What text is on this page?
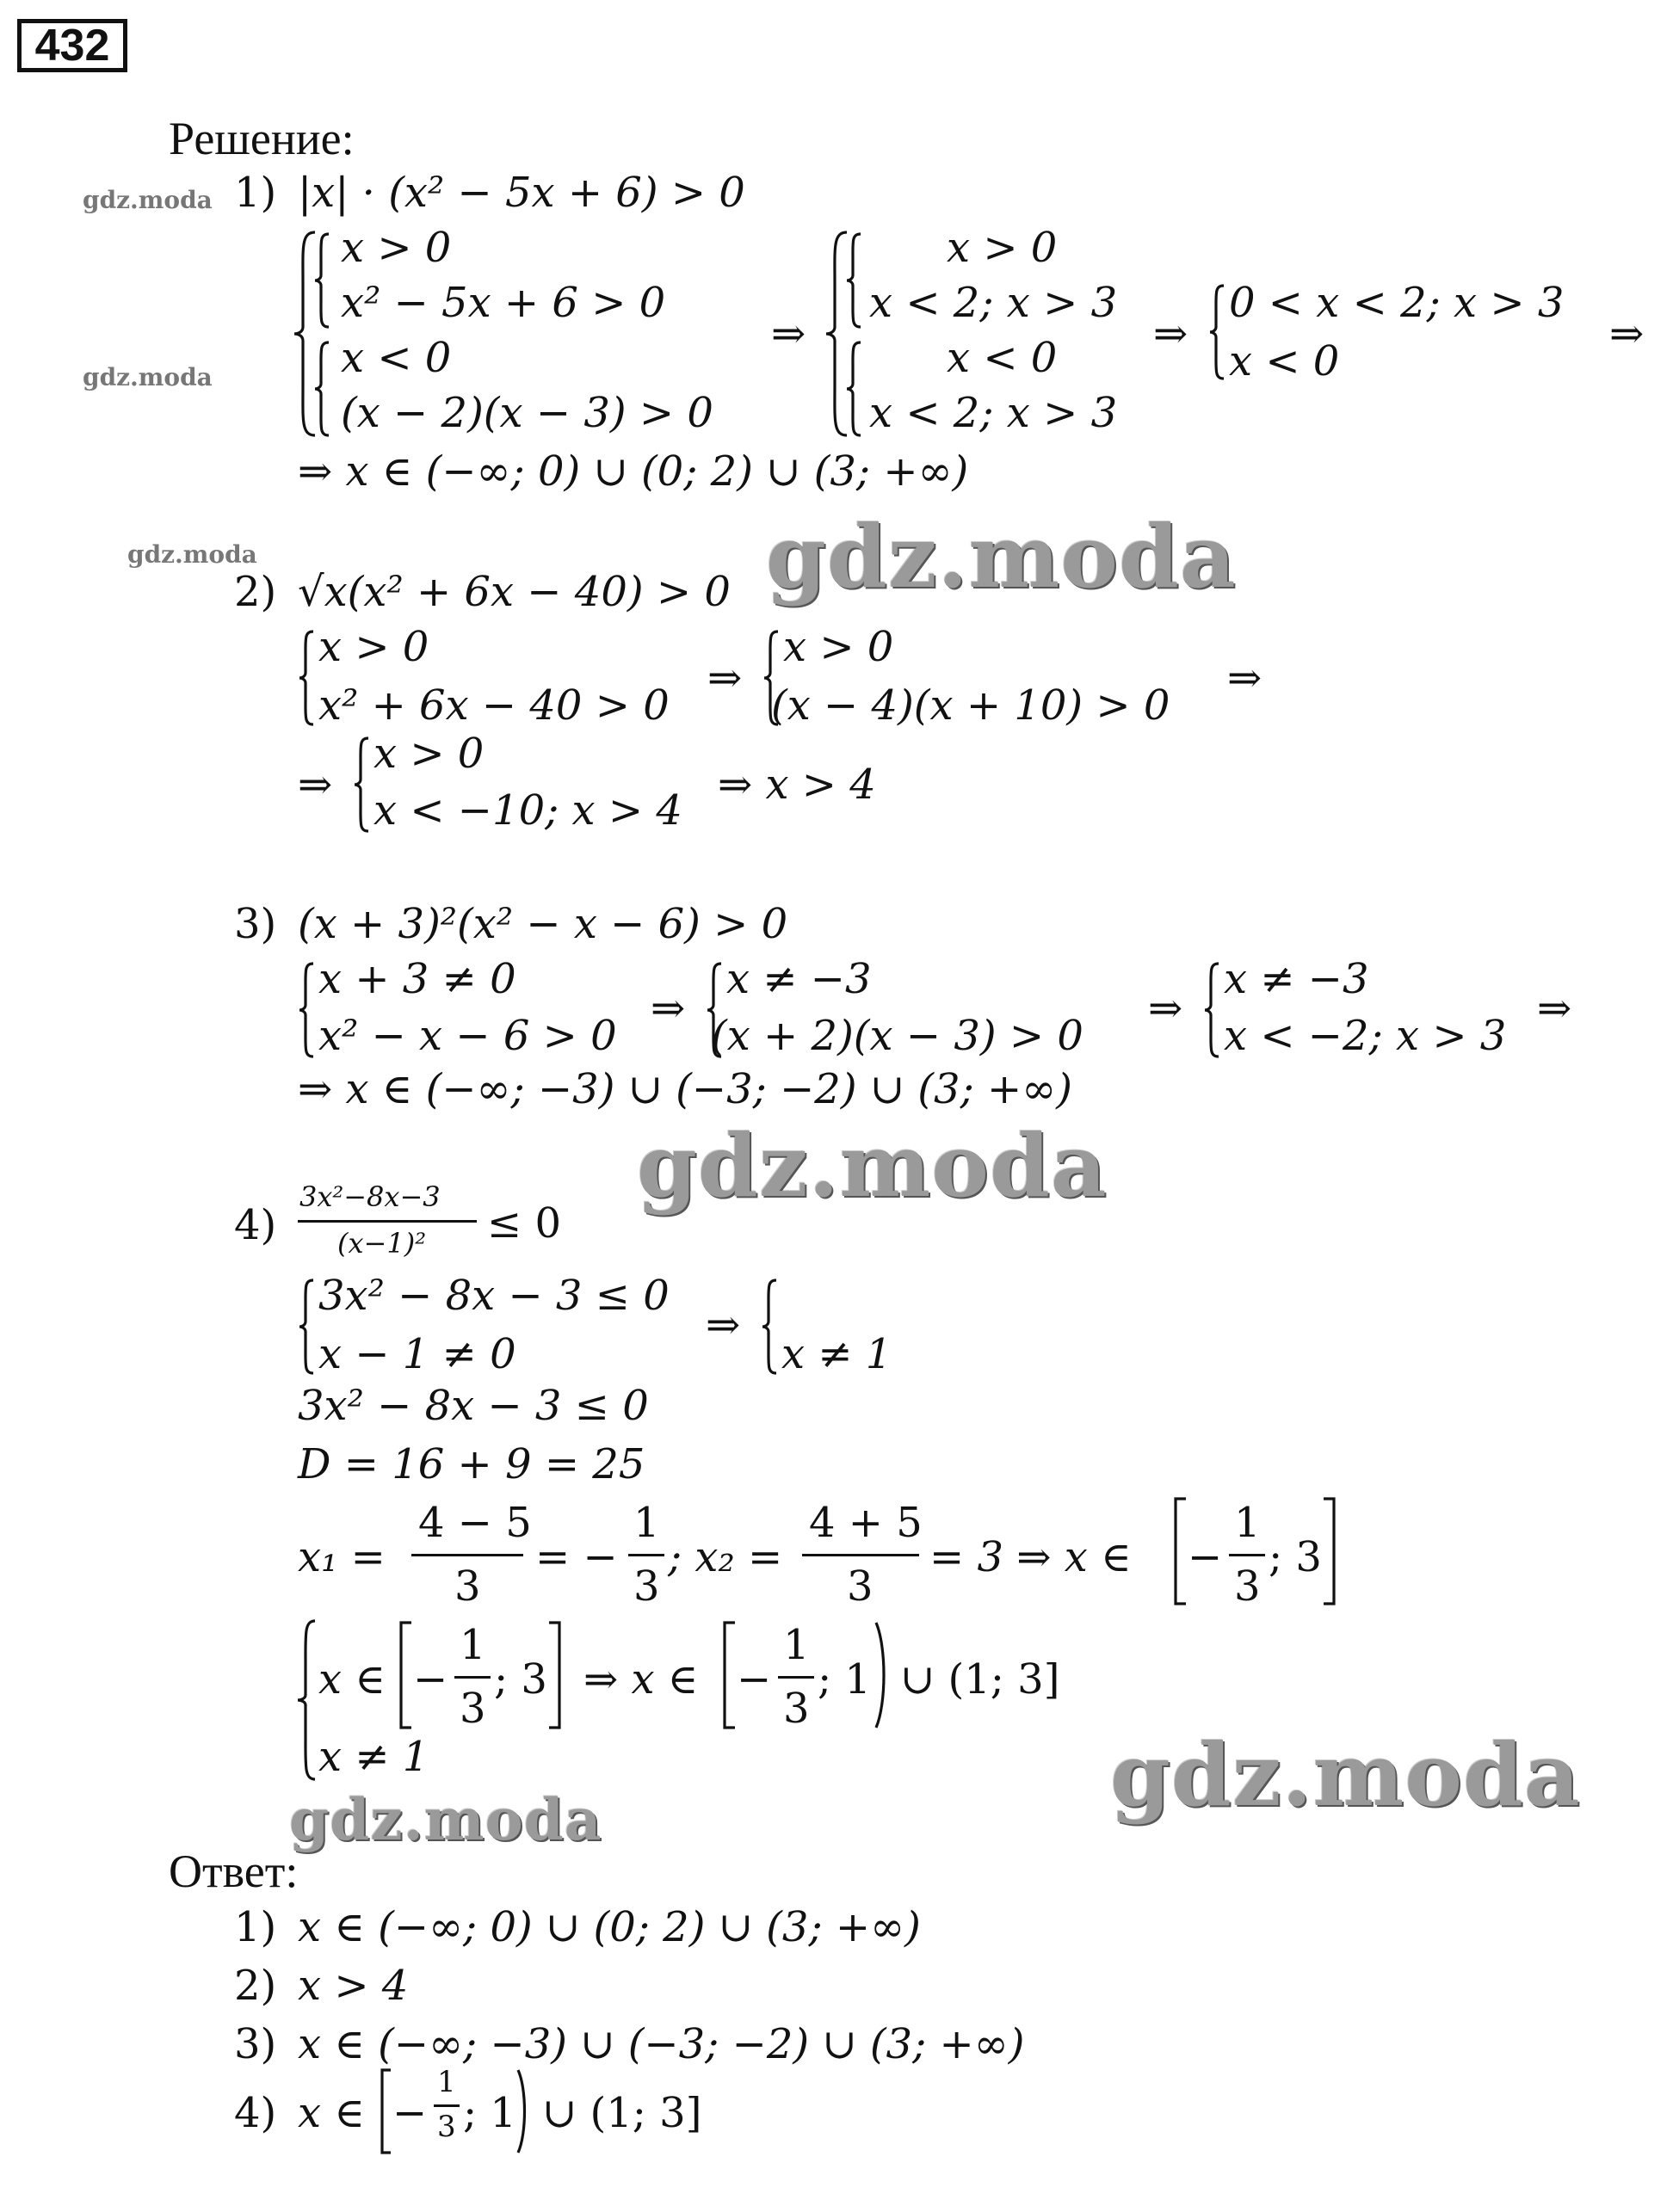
432
Решение:
gdz.moda
gdz.moda
gdz.moda
1) |x| · (x² − 5x + 6) > 0
x > 0
x² − 5x + 6 > 0
x < 0
(x − 2)(x − 3) > 0
⇒
x > 0
x < 2; x > 3
x < 0
x < 2; x > 3
⇒
0 < x < 2; x > 3
x < 0
⇒
⇒ x ∈ (−∞; 0) ∪ (0; 2) ∪ (3; +∞)
gdz.moda
2) √x(x² + 6x − 40) > 0
x > 0
x² + 6x − 40 > 0
⇒
x > 0
(x − 4)(x + 10) > 0
⇒
⇒
x > 0
x < −10; x > 4
⇒ x > 4
3) (x + 3)²(x² − x − 6) > 0
x + 3 ≠ 0
x² − x − 6 > 0
⇒
x ≠ −3
(x + 2)(x − 3) > 0
⇒
x ≠ −3
x < −2; x > 3
⇒
⇒ x ∈ (−∞; −3) ∪ (−3; −2) ∪ (3; +∞)
gdz.moda
4)
3x²−8x−3
(x−1)² ≤ 0
3x² − 8x − 3 ≤ 0
x − 1 ≠ 0
⇒
x ≠ 1
3x² − 8x − 3 ≤ 0
D = 16 + 9 = 25
x₁ =
4 − 5
3
= −
1
3
; x₂ =
4 + 5
3
= 3 ⇒ x ∈ −
1
3
; 3
x ∈ −
1
3
; 3
x ≠ 1
⇒ x ∈ −
1
3
; 1 ∪ (1; 3]
gdz.moda
gdz.moda
Ответ:
1) x ∈ (−∞; 0) ∪ (0; 2) ∪ (3; +∞)
2) x > 4
3) x ∈ (−∞; −3) ∪ (−3; −2) ∪ (3; +∞)
4) x ∈ −
1
3 ; 1 ∪ (1; 3]
